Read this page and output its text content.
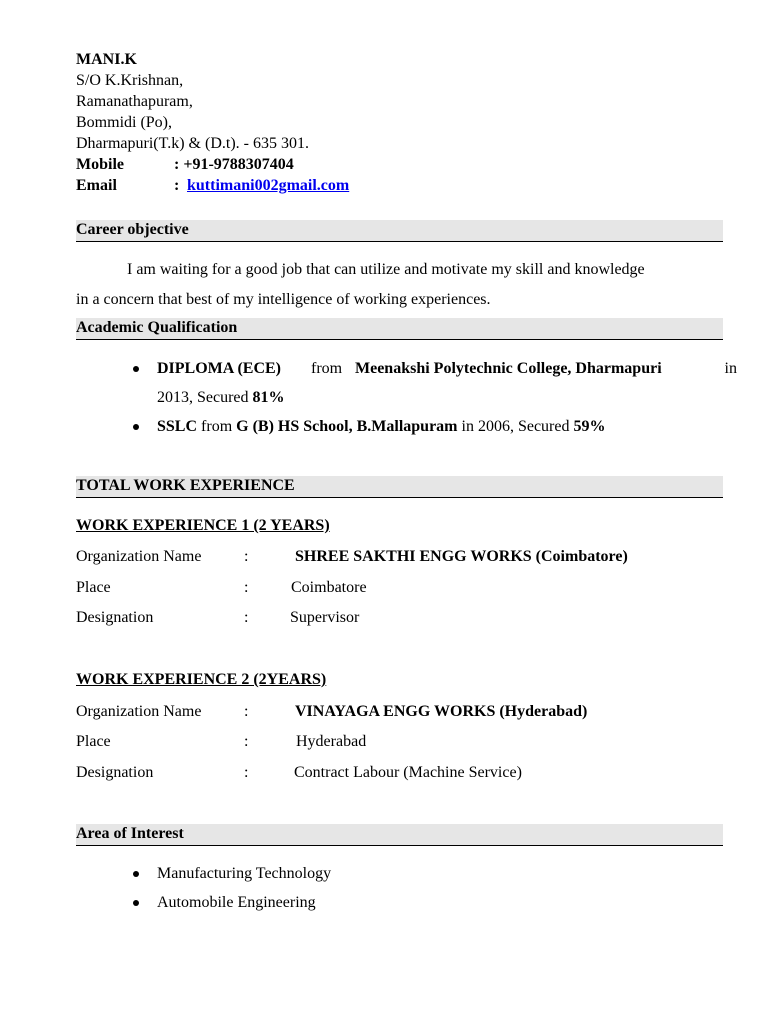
MANI.K
S/O K.Krishnan,
Ramanathapuram,
Bommidi (Po),
Dharmapuri(T.k) & (D.t). - 635 301.
Mobile	: +91-9788307404
Email	: kuttimani002gmail.com
Career objective
I am waiting for a good job that can utilize and motivate my skill and knowledge
in a concern that best of my intelligence of working experiences.
Academic Qualification
DIPLOMA (ECE) from Meenakshi Polytechnic College, Dharmapuri	in
2013, Secured 81%
SSLC from G (B) HS School, B.Mallapuram in 2006, Secured 59%
TOTAL WORK EXPERIENCE
WORK EXPERIENCE 1 (2 YEARS)
Organization Name	:	SHREE SAKTHI ENGG WORKS (Coimbatore)
Place	:	Coimbatore
Designation	:	Supervisor
WORK EXPERIENCE 2 (2YEARS)
Organization Name	:	VINAYAGA ENGG WORKS (Hyderabad)
Place	:	Hyderabad
Designation	:	Contract Labour (Machine Service)
Area of Interest
Manufacturing Technology
Automobile Engineering
